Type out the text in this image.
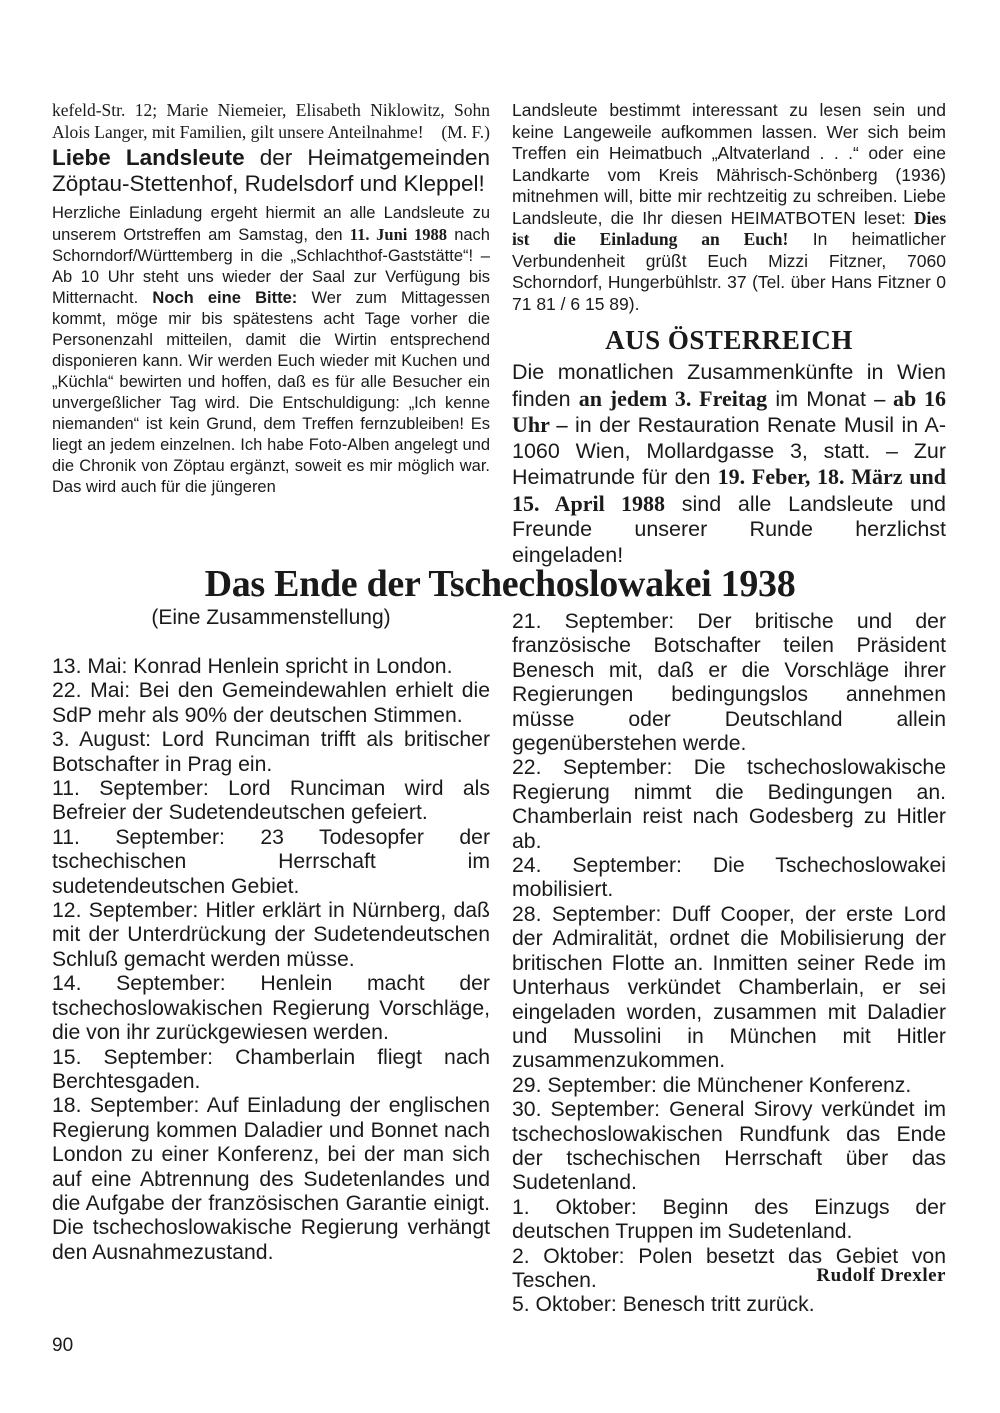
kefeld-Str. 12; Marie Niemeier, Elisabeth Niklowitz, Sohn Alois Langer, mit Familien, gilt unsere Anteilnahme! (M. F.)

Liebe Landsleute der Heimatgemeinden Zöptau-Stettenhof, Rudelsdorf und Kleppel!

Herzliche Einladung ergeht hiermit an alle Landsleute zu unserem Ortstreffen am Samstag, den 11. Juni 1988 nach Schorndorf/Württemberg in die „Schlachthof-Gaststätte“! – Ab 10 Uhr steht uns wieder der Saal zur Verfügung bis Mitternacht. Noch eine Bitte: Wer zum Mittagessen kommt, möge mir bis spätestens acht Tage vorher die Personenzahl mitteilen, damit die Wirtin entsprechend disponieren kann. Wir werden Euch wieder mit Kuchen und „Küchla“ bewirten und hoffen, daß es für alle Besucher ein unvergeßlicher Tag wird. Die Entschuldigung: „Ich kenne niemanden“ ist kein Grund, dem Treffen fernzubleiben! Es liegt an jedem einzelnen. Ich habe Foto-Alben angelegt und die Chronik von Zöptau ergänzt, soweit es mir möglich war. Das wird auch für die jüngeren

Landsleute bestimmt interessant zu lesen sein und keine Langeweile aufkommen lassen. Wer sich beim Treffen ein Heimatbuch „Altvaterland . . .“ oder eine Landkarte vom Kreis Mährisch-Schönberg (1936) mitnehmen will, bitte mir rechtzeitig zu schreiben. Liebe Landsleute, die Ihr diesen HEIMATBOTEN leset: Dies ist die Einladung an Euch! In heimatlicher Verbundenheit grüßt Euch Mizzi Fitzner, 7060 Schorndorf, Hungerbühlstr. 37 (Tel. über Hans Fitzner 0 71 81 / 6 15 89).

AUS ÖSTERREICH
Die monatlichen Zusammenkünfte in Wien finden an jedem 3. Freitag im Monat – ab 16 Uhr – in der Restauration Renate Musil in A-1060 Wien, Mollardgasse 3, statt. – Zur Heimatrunde für den 19. Feber, 18. März und 15. April 1988 sind alle Landsleute und Freunde unserer Runde herzlichst eingeladen!
Das Ende der Tschechoslowakei 1938
(Eine Zusammenstellung)

13. Mai: Konrad Henlein spricht in London.

22. Mai: Bei den Gemeindewahlen erhielt die SdP mehr als 90% der deutschen Stimmen.

3. August: Lord Runciman trifft als britischer Botschafter in Prag ein.

11. September: Lord Runciman wird als Befreier der Sudetendeutschen gefeiert.

11. September: 23 Todesopfer der tschechischen Herrschaft im sudetendeutschen Gebiet.

12. September: Hitler erklärt in Nürnberg, daß mit der Unterdrückung der Sudetendeutschen Schluß gemacht werden müsse.

14. September: Henlein macht der tschechoslowakischen Regierung Vorschläge, die von ihr zurückgewiesen werden.

15. September: Chamberlain fliegt nach Berchtesgaden.

18. September: Auf Einladung der englischen Regierung kommen Daladier und Bonnet nach London zu einer Konferenz, bei der man sich auf eine Abtrennung des Sudetenlandes und die Aufgabe der französischen Garantie einigt. Die tschechoslowakische Regierung verhängt den Ausnahmezustand.

21. September: Der britische und der französische Botschafter teilen Präsident Benesch mit, daß er die Vorschläge ihrer Regierungen bedingungslos annehmen müsse oder Deutschland allein gegenüberstehen werde.

22. September: Die tschechoslowakische Regierung nimmt die Bedingungen an. Chamberlain reist nach Godesberg zu Hitler ab.

24. September: Die Tschechoslowakei mobilisiert.

28. September: Duff Cooper, der erste Lord der Admiralität, ordnet die Mobilisierung der britischen Flotte an. Inmitten seiner Rede im Unterhaus verkündet Chamberlain, er sei eingeladen worden, zusammen mit Daladier und Mussolini in München mit Hitler zusammenzukommen.

29. September: die Münchener Konferenz.

30. September: General Sirovy verkündet im tschechoslowakischen Rundfunk das Ende der tschechischen Herrschaft über das Sudetenland.

1. Oktober: Beginn des Einzugs der deutschen Truppen im Sudetenland.

2. Oktober: Polen besetzt das Gebiet von Teschen.

5. Oktober: Benesch tritt zurück.

Rudolf Drexler
90
